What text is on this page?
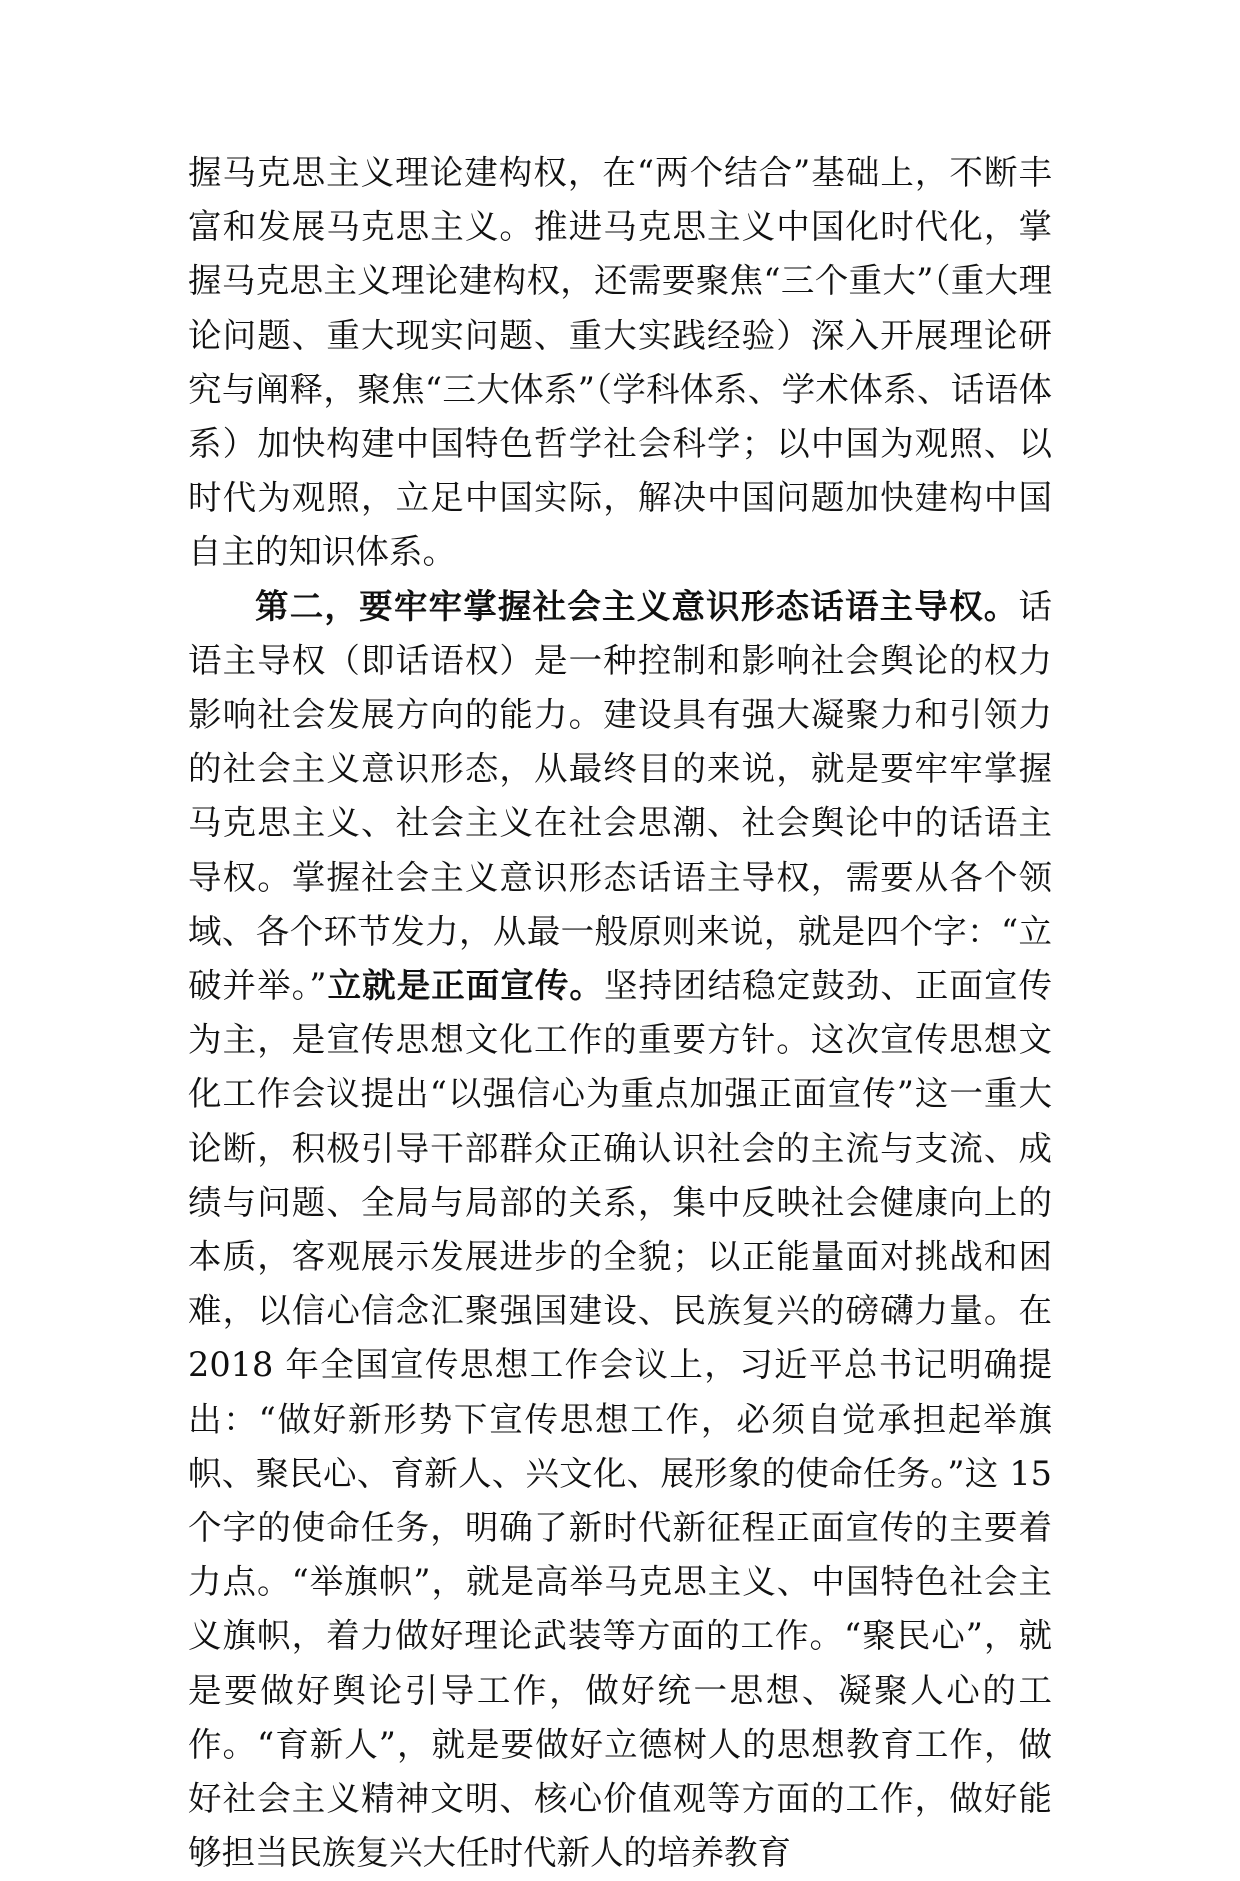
握马克思主义理论建构权，在“两个结合”基础上，不断丰富和发展马克思主义。推进马克思主义中国化时代化，掌握马克思主义理论建构权，还需要聚焦“三个重大”（重大理论问题、重大现实问题、重大实践经验）深入开展理论研究与阐释，聚焦“三大体系”（学科体系、学术体系、话语体系）加快构建中国特色哲学社会科学；以中国为观照、以时代为观照，立足中国实际，解决中国问题加快建构中国自主的知识体系。

第二，要牢牢掌握社会主义意识形态话语主导权。话语主导权（即话语权）是一种控制和影响社会舆论的权力影响社会发展方向的能力。建设具有强大凝聚力和引领力的社会主义意识形态，从最终目的来说，就是要牢牢掌握马克思主义、社会主义在社会思潮、社会舆论中的话语主导权。掌握社会主义意识形态话语主导权，需要从各个领域、各个环节发力，从最一般原则来说，就是四个字：“立破并举。”立就是正面宣传。坚持团结稳定鼓劲、正面宣传为主，是宣传思想文化工作的重要方针。这次宣传思想文化工作会议提出“以强信心为重点加强正面宣传”这一重大论断，积极引导干部群众正确认识社会的主流与支流、成绩与问题、全局与局部的关系，集中反映社会健康向上的本质，客观展示发展进步的全貌；以正能量面对挑战和困难，以信心信念汇聚强国建设、民族复兴的磅礴力量。在 2018 年全国宣传思想工作会议上，习近平总书记明确提出：“做好新形势下宣传思想工作，必须自觉承担起举旗帜、聚民心、育新人、兴文化、展形象的使命任务。”这 15 个字的使命任务，明确了新时代新征程正面宣传的主要着力点。“举旗帜”，就是高举马克思主义、中国特色社会主义旗帜，着力做好理论武装等方面的工作。“聚民心”，就是要做好舆论引导工作，做好统一思想、凝聚人心的工作。“育新人”，就是要做好立德树人的思想教育工作，做好社会主义精神文明、核心价值观等方面的工作，做好能够担当民族复兴大任时代新人的培养教育
